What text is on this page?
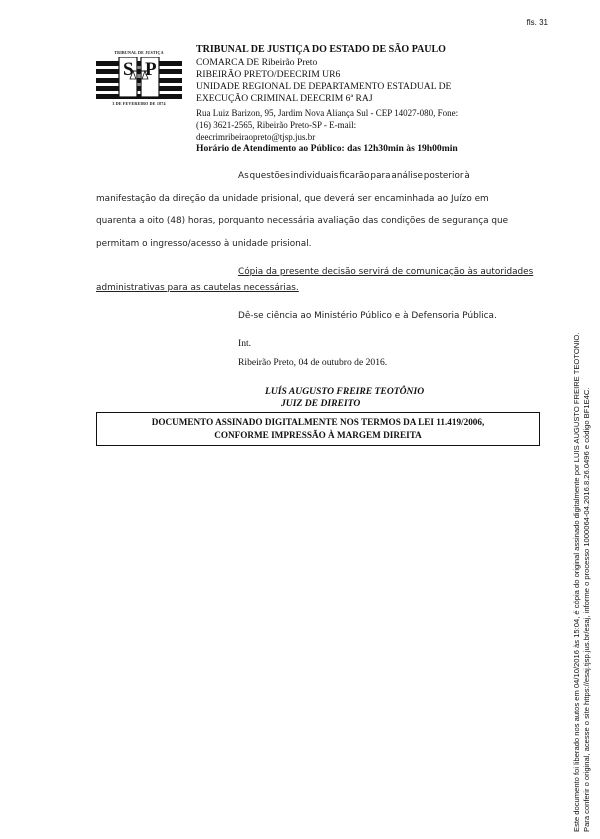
fls. 31
TRIBUNAL DE JUSTIÇA
S P
3 DE FEVEREIRO DE 1874
TRIBUNAL DE JUSTIÇA DO ESTADO DE SÃO PAULO
COMARCA DE Ribeirão Preto
RIBEIRÃO PRETO/DEECRIM UR6
UNIDADE REGIONAL DE DEPARTAMENTO ESTADUAL DE
EXECUÇÃO CRIMINAL DEECRIM 6ª RAJ
Rua Luiz Barizon, 95, Jardim Nova Aliança Sul - CEP 14027-080, Fone:
(16) 3621-2565, Ribeirão Preto-SP - E-mail:
deecrimribeiraopreto@tjsp.jus.br
Horário de Atendimento ao Público: das 12h30min às 19h00min
As questões individuais ficarão para análise posterior à
manifestação da direção da unidade prisional, que deverá ser encaminhada ao Juízo em
quarenta a oito (48) horas, porquanto necessária avaliação das condições de segurança que
permitam o ingresso/acesso à unidade prisional.
Cópia da presente decisão servirá de comunicação às autoridades
administrativas para as cautelas necessárias.
Dê-se ciência ao Ministério Público e à Defensoria Pública.
Int.
Ribeirão Preto, 04 de outubro de 2016.
LUÍS AUGUSTO FREIRE TEOTÔNIO
JUIZ DE DIREITO
DOCUMENTO ASSINADO DIGITALMENTE NOS TERMOS DA LEI 11.419/2006,
CONFORME IMPRESSÃO À MARGEM DIREITA	Este documento foi liberado nos autos em 04/10/2016 às 15:04, é cópia do original assinado digitalmente por LUIS AUGUSTO FREIRE TEOTONIO. Para conferir o original, acesse o site https://esaj.tjsp.jus.br/esaj, informe o processo 1000064-04.2016.8.26.0496 e código BF1E4C.
